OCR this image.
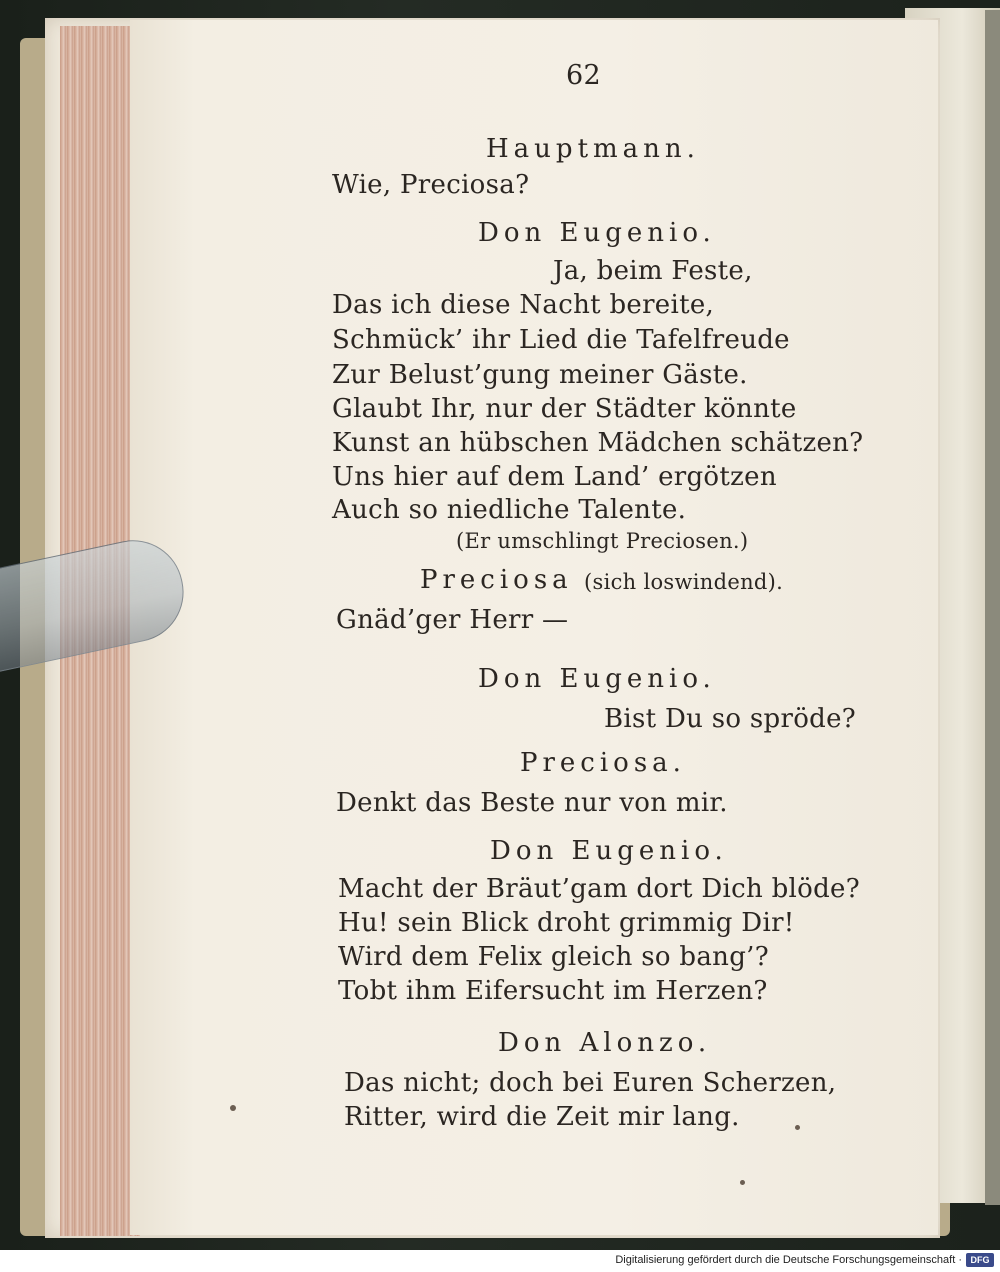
62
Hauptmann.
Wie, Preciosa?
Don Eugenio.
Ja, beim Feste,
Das ich diese Nacht bereite,
Schmück’ ihr Lied die Tafelfreude
Zur Belust’gung meiner Gäste.
Glaubt Ihr, nur der Städter könnte
Kunst an hübschen Mädchen schätzen?
Uns hier auf dem Land’ ergötzen
Auch so niedliche Talente.
(Er umschlingt Preciosen.)
Preciosa (sich loswindend).
Gnäd’ger Herr —
Don Eugenio.
Bist Du so spröde?
Preciosa.
Denkt das Beste nur von mir.
Don Eugenio.
Macht der Bräut’gam dort Dich blöde?
Hu! sein Blick droht grimmig Dir!
Wird dem Felix gleich so bang’?
Tobt ihm Eifersucht im Herzen?
Don Alonzo.
Das nicht; doch bei Euren Scherzen,
Ritter, wird die Zeit mir lang.
Digitalisierung gefördert durch die Deutsche Forschungsgemeinschaft · DFG
